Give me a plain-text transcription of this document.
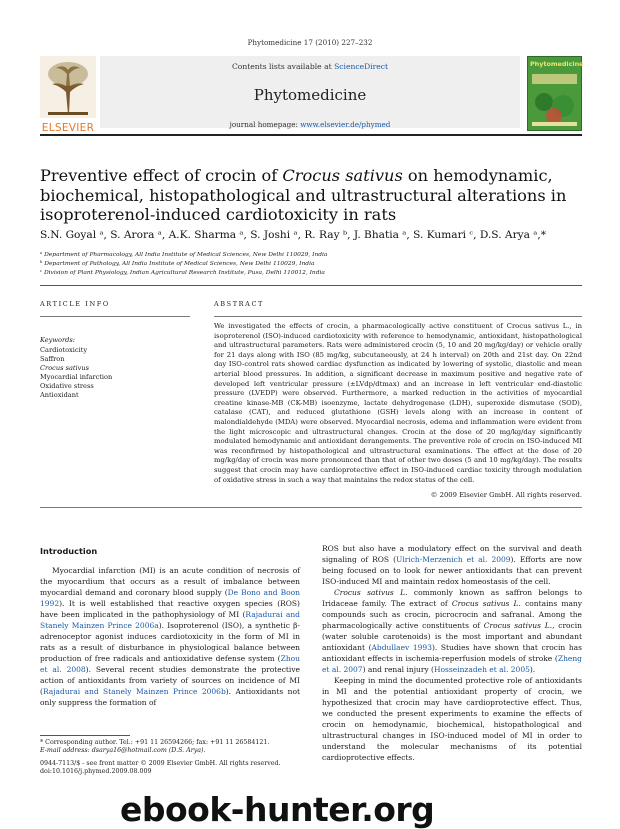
Phytomedicine 17 (2010) 227–232
Contents lists available at ScienceDirect
Phytomedicine
journal homepage: www.elsevier.de/phymed
ELSEVIER
Phytomedicine
Preventive effect of crocin of Crocus sativus on hemodynamic, biochemical, histopathological and ultrastructural alterations in isoproterenol-induced cardiotoxicity in rats
S.N. Goyal ᵃ, S. Arora ᵃ, A.K. Sharma ᵃ, S. Joshi ᵃ, R. Ray ᵇ, J. Bhatia ᵃ, S. Kumari ᶜ, D.S. Arya ᵃ,*
ᵃ Department of Pharmacology, All India Institute of Medical Sciences, New Delhi 110029, India
ᵇ Department of Pathology, All India Institute of Medical Sciences, New Delhi 110029, India
ᶜ Division of Plant Physiology, Indian Agricultural Research Institute, Pusa, Delhi 110012, India
ARTICLE INFO
Keywords:
Cardiotoxicity
Saffron
Crocus sativus
Myocardial infarction
Oxidative stress
Antioxidant
ABSTRACT
We investigated the effects of crocin, a pharmacologically active constituent of Crocus sativus L., in isoproterenol (ISO)-induced cardiotoxicity with reference to hemodynamic, antioxidant, histopathological and ultrastructural parameters. Rats were administered crocin (5, 10 and 20 mg/kg/day) or vehicle orally for 21 days along with ISO (85 mg/kg, subcutaneously, at 24 h interval) on 20th and 21st day. On 22nd day ISO-control rats showed cardiac dysfunction as indicated by lowering of systolic, diastolic and mean arterial blood pressures. In addition, a significant decrease in maximum positive and negative rate of developed left ventricular pressure (±LVdp/dtmax) and an increase in left ventricular end-diastolic pressure (LVEDP) were observed. Furthermore, a marked reduction in the activities of myocardial creatine kinase-MB (CK-MB) isoenzyme, lactate dehydrogenase (LDH), superoxide dismutase (SOD), catalase (CAT), and reduced glutathione (GSH) levels along with an increase in content of malondialdehyde (MDA) were observed. Myocardial necrosis, edema and inflammation were evident from the light microscopic and ultrastructural changes. Crocin at the dose of 20 mg/kg/day significantly modulated hemodynamic and antioxidant derangements. The preventive role of crocin on ISO-induced MI was reconfirmed by histopathological and ultrastructural examinations. The effect at the dose of 20 mg/kg/day of crocin was more pronounced than that of other two doses (5 and 10 mg/kg/day). The results suggest that crocin may have cardioprotective effect in ISO-induced cardiac toxicity through modulation of oxidative stress in such a way that maintains the redox status of the cell.
© 2009 Elsevier GmbH. All rights reserved.
Introduction

Myocardial infarction (MI) is an acute condition of necrosis of the myocardium that occurs as a result of imbalance between myocardial demand and coronary blood supply (De Bono and Boon 1992). It is well established that reactive oxygen species (ROS) have been implicated in the pathophysiology of MI (Rajadurai and Stanely Mainzen Prince 2006a). Isoproterenol (ISO), a synthetic β-adrenoceptor agonist induces cardiotoxicity in the form of MI in rats as a result of disturbance in physiological balance between production of free radicals and antioxidative defense system (Zhou et al. 2008). Several recent studies demonstrate the protective action of antioxidants from variety of sources on incidence of MI (Rajadurai and Stanely Mainzen Prince 2006b). Antioxidants not only suppress the formation of

ROS but also have a modulatory effect on the survival and death signaling of ROS (Ulrich-Merzenich et al. 2009). Efforts are now being focused on to look for newer antioxidants that can prevent ISO-induced MI and maintain redox homeostasis of the cell.

Crocus sativus L. commonly known as saffron belongs to Iridaceae family. The extract of Crocus sativus L. contains many compounds such as crocin, picrocrocin and safranal. Among the pharmacologically active constituents of Crocus sativus L., crocin (water soluble carotenoids) is the most important and abundant antioxidant (Abdullaev 1993). Studies have shown that crocin has antioxidant effects in ischemia-reperfusion models of stroke (Zheng et al. 2007) and renal injury (Hosseinzadeh et al. 2005).

Keeping in mind the documented protective role of antioxidants in MI and the potential antioxidant property of crocin, we hypothesized that crocin may have cardioprotective effect. Thus, we conducted the present experiments to examine the effects of crocin on hemodynamic, biochemical, histopathological and ultrastructural changes in ISO-induced model of MI in order to understand the molecular mechanisms of its potential cardioprotective effects.

* Corresponding author. Tel.: +91 11 26594266; fax: +91 11 26584121.
E-mail address: dsarya16@hotmail.com (D.S. Arya).
0944-7113/$ - see front matter © 2009 Elsevier GmbH. All rights reserved.
doi:10.1016/j.phymed.2009.08.009
ebook-hunter.org
